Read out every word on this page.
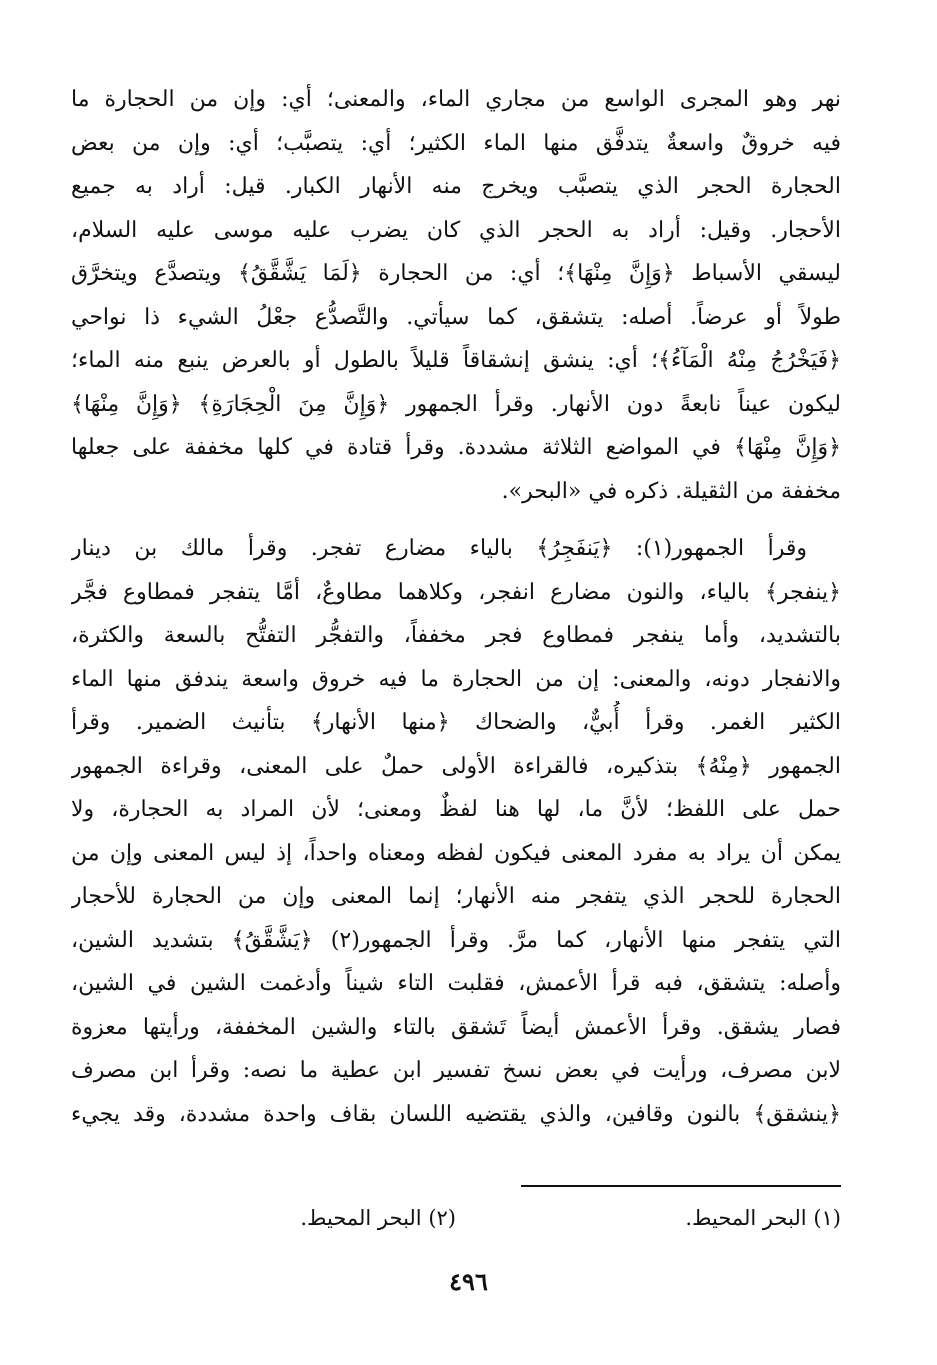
نهر وهو المجرى الواسع من مجاري الماء، والمعنى؛ أي: وإن من الحجارة ما
فيه خروقٌ واسعةٌ يتدفَّق منها الماء الكثير؛ أي: يتصبَّب؛ أي: وإن من بعض
الحجارة الحجر الذي يتصبَّب ويخرج منه الأنهار الكبار. قيل: أراد به جميع
الأحجار. وقيل: أراد به الحجر الذي كان يضرب عليه موسى عليه السلام،
ليسقي الأسباط ﴿وَإِنَّ مِنْهَا﴾؛ أي: من الحجارة ﴿لَمَا يَشَّقَّقُ﴾ ويتصدَّع ويتخرَّق
طولاً أو عرضاً. أصله: يتشقق، كما سيأتي. والتَّصدُّع جعْلُ الشيء ذا نواحي
﴿فَيَخْرُجُ مِنْهُ الْمَآءُ﴾؛ أي: ينشق إنشقاقاً قليلاً بالطول أو بالعرض ينبع منه الماء؛
ليكون عيناً نابعةً دون الأنهار. وقرأ الجمهور ﴿وَإِنَّ مِنَ الْحِجَارَةِ﴾ ﴿وَإِنَّ مِنْهَا﴾
﴿وَإِنَّ مِنْهَا﴾ في المواضع الثلاثة مشددة. وقرأ قتادة في كلها مخففة على جعلها
مخففة من الثقيلة. ذكره في «البحر».
وقرأ الجمهور(١): ﴿يَنفَجِرُ﴾ بالياء مضارع تفجر. وقرأ مالك بن دينار
﴿ينفجر﴾ بالياء، والنون مضارع انفجر، وكلاهما مطاوعٌ، أمَّا يتفجر فمطاوع فجَّر
بالتشديد، وأما ينفجر فمطاوع فجر مخففاً، والتفجُّر التفتُّح بالسعة والكثرة،
والانفجار دونه، والمعنى: إن من الحجارة ما فيه خروق واسعة يندفق منها الماء
الكثير الغمر. وقرأ أُبيٌّ، والضحاك ﴿منها الأنهار﴾ بتأنيث الضمير. وقرأ
الجمهور ﴿مِنْهُ﴾ بتذكيره، فالقراءة الأولى حملٌ على المعنى، وقراءة الجمهور
حمل على اللفظ؛ لأنَّ ما، لها هنا لفظٌ ومعنى؛ لأن المراد به الحجارة، ولا
يمكن أن يراد به مفرد المعنى فيكون لفظه ومعناه واحداً، إذ ليس المعنى وإن من
الحجارة للحجر الذي يتفجر منه الأنهار؛ إنما المعنى وإن من الحجارة للأحجار
التي يتفجر منها الأنهار، كما مرَّ. وقرأ الجمهور(٢) ﴿يَشَّقَّقُ﴾ بتشديد الشين،
وأصله: يتشقق، فبه قرأ الأعمش، فقلبت التاء شيناً وأدغمت الشين في الشين،
فصار يشقق. وقرأ الأعمش أيضاً تَشقق بالتاء والشين المخففة، ورأيتها معزوة
لابن مصرف، ورأيت في بعض نسخ تفسير ابن عطية ما نصه: وقرأ ابن مصرف
﴿ينشقق﴾ بالنون وقافين، والذي يقتضيه اللسان بقاف واحدة مشددة، وقد يجيء
(١) البحر المحيط.
(٢) البحر المحيط.
٤٩٦
